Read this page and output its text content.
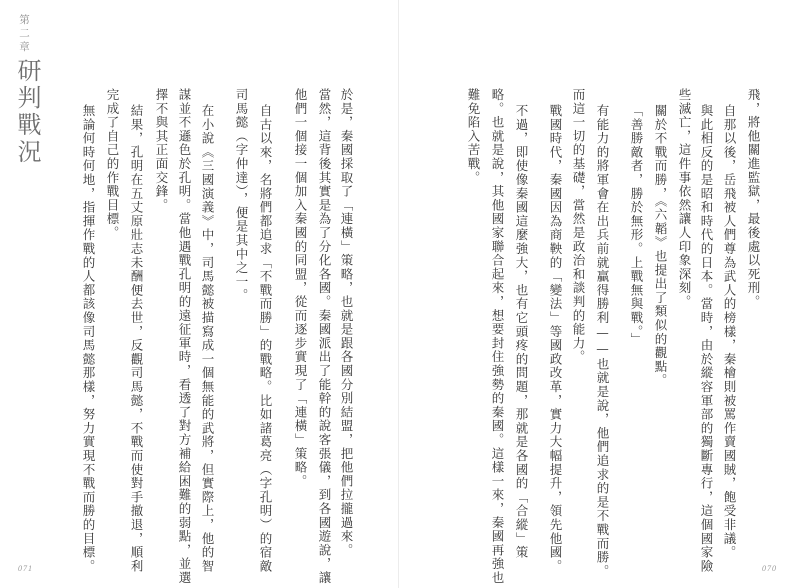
第二章

研判戰況	於是，秦國採取了「連橫」策略，也就是跟各國分別結盟，把他們拉攏過來。

當然，這背後其實是為了分化各國。秦國派出了能幹的說客張儀，到各國遊說，讓

他們一個接一個加入秦國的同盟，從而逐步實現了「連橫」策略。

自古以來，名將們都追求「不戰而勝」的戰略。比如諸葛亮（字孔明）的宿敵

司馬懿（字仲達），便是其中之一。

在小說《三國演義》中，司馬懿被描寫成一個無能的武將，但實際上，他的智

謀並不遜色於孔明。當他遇戰孔明的遠征軍時，看透了對方補給困難的弱點，並選

擇不與其正面交鋒。

結果，孔明在五丈原壯志未酬便去世，反觀司馬懿，不戰而使對手撤退，順利

完成了自己的作戰目標。

無論何時何地，指揮作戰的人都該像司馬懿那樣，努力實現不戰而勝的目標。	飛，將他關進監獄，最後處以死刑。

自那以後，岳飛被人們尊為武人的榜樣，秦檜則被罵作賣國賊，飽受非議。

與此相反的是昭和時代的日本。當時，由於縱容軍部的獨斷專行，這個國家險

些滅亡，這件事依然讓人印象深刻。

關於不戰而勝，《六韜》也提出了類似的觀點。

「善勝敵者，勝於無形。上戰無與戰。」

有能力的將軍會在出兵前就贏得勝利——也就是說，他們追求的是不戰而勝。

而這一切的基礎，當然是政治和談判的能力。

戰國時代，秦國因為商鞅的「變法」等國政改革，實力大幅提升，領先他國。

不過，即使像秦國這麼強大，也有它頭疼的問題，那就是各國的「合縱」策

略。也就是說，其他國家聯合起來，想要封住強勢的秦國。這樣一來，秦國再強也

難免陷入苦戰。

071	070
